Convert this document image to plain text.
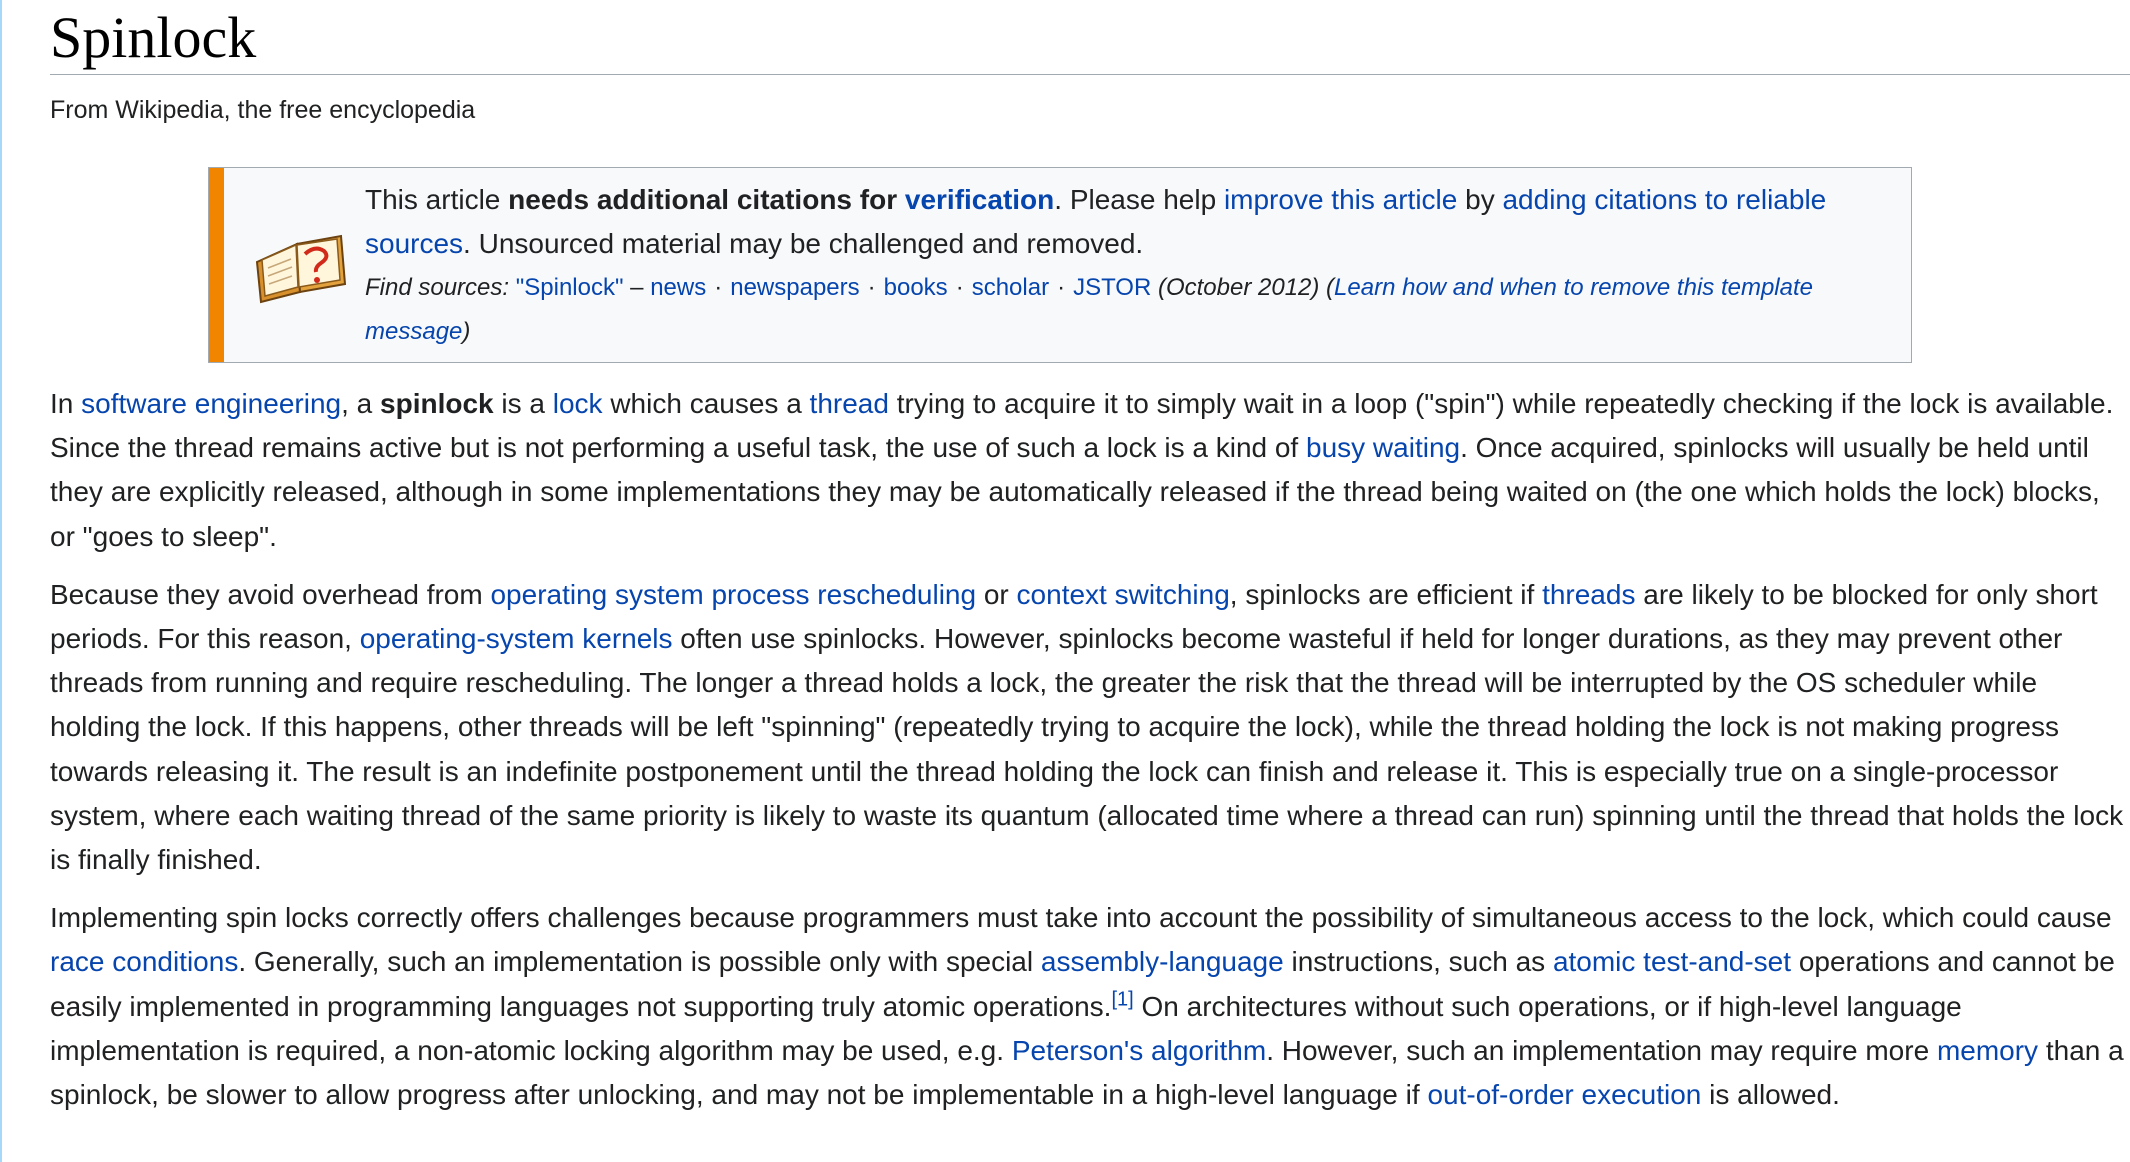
Spinlock
From Wikipedia, the free encyclopedia
This article needs additional citations for verification. Please help improve this article by adding citations to reliable sources. Unsourced material may be challenged and removed.
Find sources: "Spinlock" – news · newspapers · books · scholar · JSTOR (October 2012) (Learn how and when to remove this template message)

In software engineering, a spinlock is a lock which causes a thread trying to acquire it to simply wait in a loop ("spin") while repeatedly checking if the lock is available. Since the thread remains active but is not performing a useful task, the use of such a lock is a kind of busy waiting. Once acquired, spinlocks will usually be held until they are explicitly released, although in some implementations they may be automatically released if the thread being waited on (the one which holds the lock) blocks, or "goes to sleep".

Because they avoid overhead from operating system process rescheduling or context switching, spinlocks are efficient if threads are likely to be blocked for only short periods. For this reason, operating-system kernels often use spinlocks. However, spinlocks become wasteful if held for longer durations, as they may prevent other threads from running and require rescheduling. The longer a thread holds a lock, the greater the risk that the thread will be interrupted by the OS scheduler while holding the lock. If this happens, other threads will be left "spinning" (repeatedly trying to acquire the lock), while the thread holding the lock is not making progress towards releasing it. The result is an indefinite postponement until the thread holding the lock can finish and release it. This is especially true on a single-processor system, where each waiting thread of the same priority is likely to waste its quantum (allocated time where a thread can run) spinning until the thread that holds the lock is finally finished.

Implementing spin locks correctly offers challenges because programmers must take into account the possibility of simultaneous access to the lock, which could cause race conditions. Generally, such an implementation is possible only with special assembly-language instructions, such as atomic test-and-set operations and cannot be easily implemented in programming languages not supporting truly atomic operations.[1] On architectures without such operations, or if high-level language implementation is required, a non-atomic locking algorithm may be used, e.g. Peterson's algorithm. However, such an implementation may require more memory than a spinlock, be slower to allow progress after unlocking, and may not be implementable in a high-level language if out-of-order execution is allowed.
